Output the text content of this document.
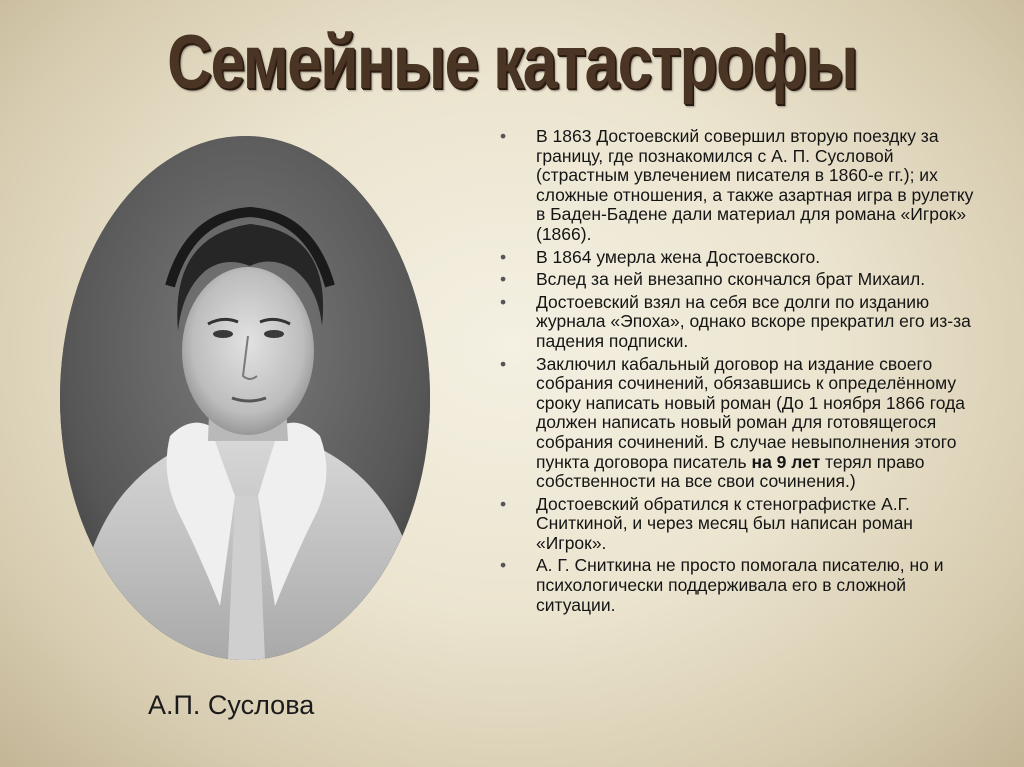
Семейные катастрофы
А.П. Суслова
• В 1863 Достоевский совершил вторую поездку за границу, где познакомился с А. П. Сусловой (страстным увлечением писателя в 1860-е гг.); их сложные отношения, а также азартная игра в рулетку в Баден-Бадене дали материал для романа «Игрок» (1866).
• В 1864 умерла жена Достоевского.
• Вслед за ней внезапно скончался брат Михаил.
• Достоевский взял на себя все долги по изданию журнала «Эпоха», однако вскоре прекратил его из-за падения подписки.
• Заключил кабальный договор на издание своего собрания сочинений, обязавшись к определённому сроку написать новый роман (До 1 ноября 1866 года должен написать новый роман для готовящегося собрания сочинений. В случае невыполнения этого пункта договора писатель на 9 лет терял право собственности на все свои сочинения.)
• Достоевский обратился к стенографистке А.Г. Сниткиной, и через месяц был написан роман «Игрок».
• А. Г. Сниткина не просто помогала писателю, но и психологически поддерживала его в сложной ситуации.
